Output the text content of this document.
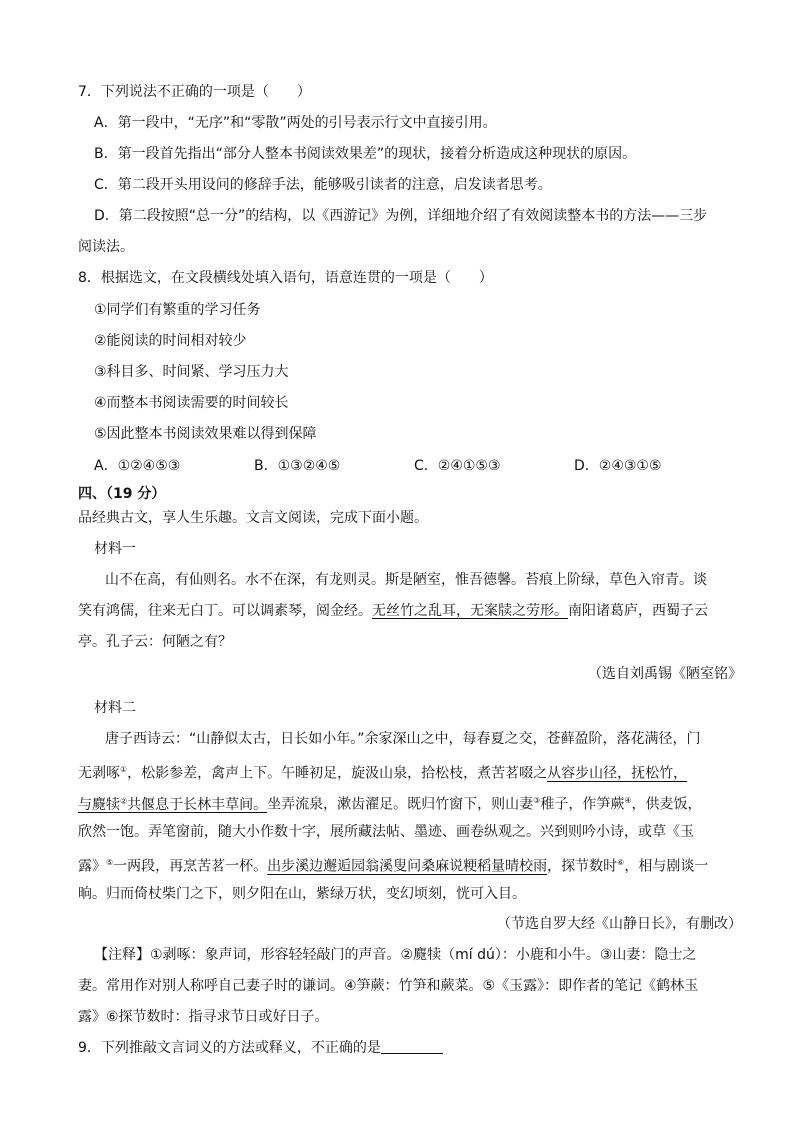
7．下列说法不正确的一项是（　　）
A．第一段中，“无序”和“零散”两处的引号表示行文中直接引用。
B．第一段首先指出“部分人整本书阅读效果差”的现状，接着分析造成这种现状的原因。
C．第二段开头用设问的修辞手法，能够吸引读者的注意，启发读者思考。
D．第二段按照“总一分”的结构，以《西游记》为例，详细地介绍了有效阅读整本书的方法——三步
阅读法。
8．根据选文，在文段横线处填入语句，语意连贯的一项是（　　）
①同学们有繁重的学习任务
②能阅读的时间相对较少
③科目多、时间紧、学习压力大
④而整本书阅读需要的时间较长
⑤因此整本书阅读效果难以得到保障
A．①②④⑤③	B．①③②④⑤	C．②④①⑤③	D．②④③①⑤
四、（19 分）
品经典古文，享人生乐趣。文言文阅读，完成下面小题。
材料一
山不在高，有仙则名。水不在深，有龙则灵。斯是陋室，惟吾德馨。苔痕上阶绿，草色入帘青。谈
笑有鸿儒，往来无白丁。可以调素琴，阅金经。无丝竹之乱耳，无案牍之劳形。南阳诸葛庐，西蜀子云
亭。孔子云：何陋之有？
（选自刘禹锡《陋室铭》
材料二
唐子西诗云：“山静似太古，日长如小年。”余家深山之中，每春夏之交，苍藓盈阶，落花满径，门
无剥啄①，松影参差，禽声上下。午睡初足，旋汲山泉，拾松枝，煮苦茗啜之从容步山径，抚松竹，
与麑犊②共偃息于长林丰草间。坐弄流泉，漱齿濯足。既归竹窗下，则山妻③稚子，作笋蕨④，供麦饭，
欣然一饱。弄笔窗前，随大小作数十字，展所藏法帖、墨迹、画卷纵观之。兴到则吟小诗，或草《玉
露》⑤一两段，再烹苦茗一杯。出步溪边邂逅园翁溪叟问桑麻说粳稻量晴校雨，探节数时⑥，相与剧谈一
晌。归而倚杖柴门之下，则夕阳在山，紫绿万状，变幻顷刻，恍可入目。
（节选自罗大经《山静日长》，有删改）
【注释】①剥啄：象声词，形容轻轻敲门的声音。②麑犊（mí dú）：小鹿和小牛。③山妻：隐士之
妻。常用作对别人称呼自己妻子时的谦词。④笋蕨：竹笋和蕨菜。⑤《玉露》：即作者的笔记《鹤林玉
露》⑥探节数时：指寻求节日或好日子。
9．下列推敲文言词义的方法或释义，不正确的是
